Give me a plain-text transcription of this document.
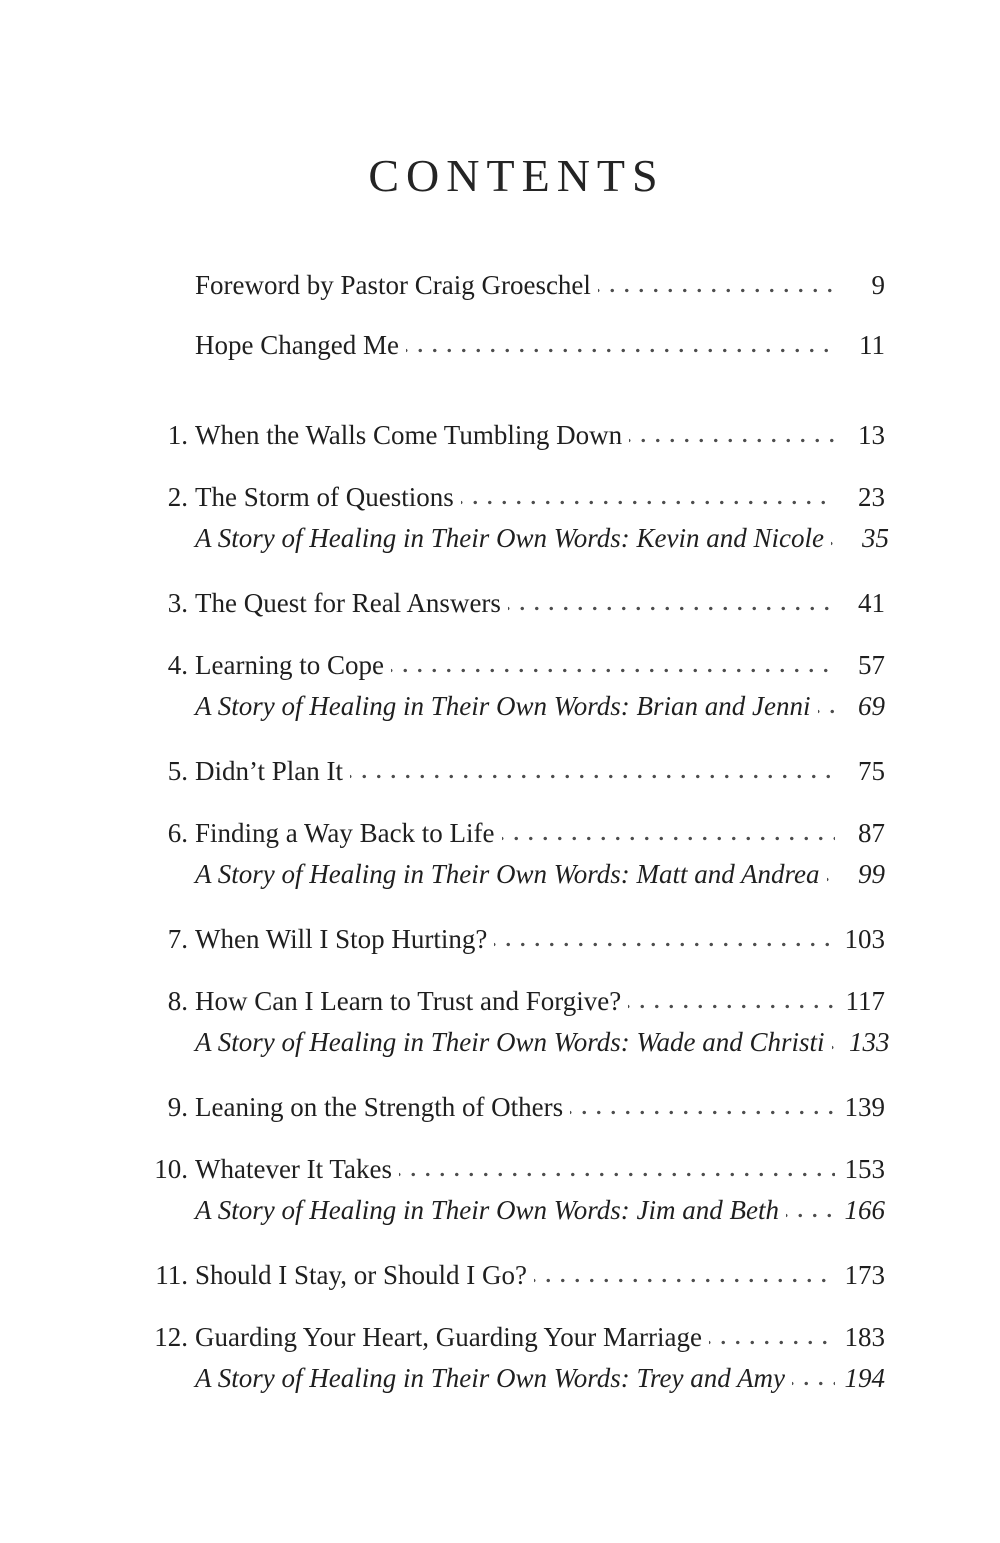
CONTENTS
Foreword by Pastor Craig Groeschel	9
Hope Changed Me	11
1. When the Walls Come Tumbling Down	13
2. The Storm of Questions	23
A Story of Healing in Their Own Words: Kevin and Nicole	35
3. The Quest for Real Answers	41
4. Learning to Cope	57
A Story of Healing in Their Own Words: Brian and Jenni	69
5. Didn’t Plan It	75
6. Finding a Way Back to Life	87
A Story of Healing in Their Own Words: Matt and Andrea	99
7. When Will I Stop Hurting?	103
8. How Can I Learn to Trust and Forgive?	117
A Story of Healing in Their Own Words: Wade and Christi 133
9. Leaning on the Strength of Others	139
10. Whatever It Takes	153
A Story of Healing in Their Own Words: Jim and Beth 166
11. Should I Stay, or Should I Go?	173
12. Guarding Your Heart, Guarding Your Marriage	183
A Story of Healing in Their Own Words: Trey and Amy 194
